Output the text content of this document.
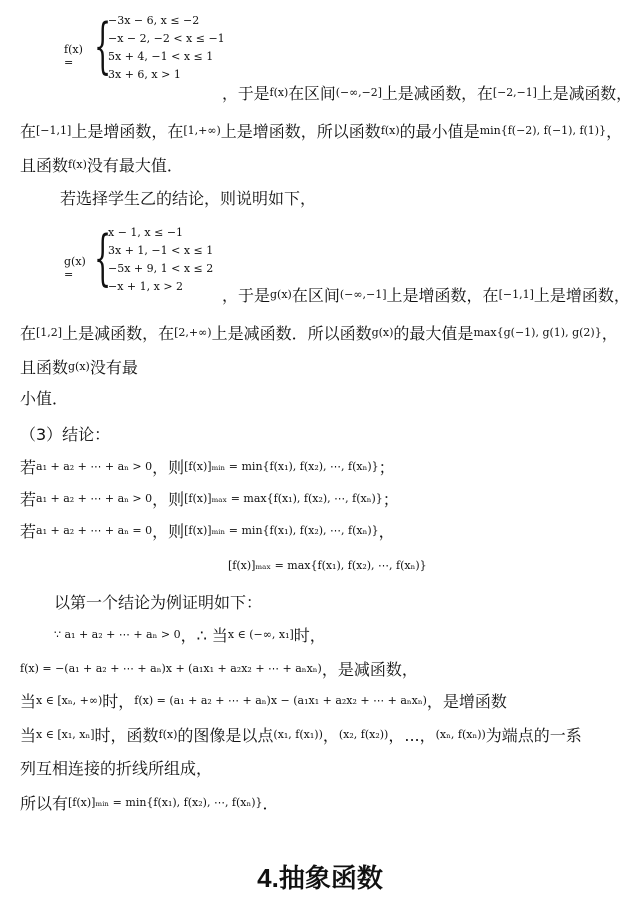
f(x) = {
−3x − 6, x ≤ −2
−x − 2, −2 < x ≤ −1
5x + 4, −1 < x ≤ 1
3x + 6, x > 1
，于是f(x)在区间(−∞,−2]上是减函数，在[−2,−1]上是减函数，
在[−1,1]上是增函数，在[1,+∞)上是增函数，所以函数f(x)的最小值是min{f(−2), f(−1), f(1)}，
且函数f(x)没有最大值．
若选择学生乙的结论，则说明如下，
g(x) = {
x − 1, x ≤ −1
3x + 1, −1 < x ≤ 1
−5x + 9, 1 < x ≤ 2
−x + 1, x > 2	，于是g(x)在区间(−∞,−1]上是增函数，在[−1,1]上是增函数，
在[1,2]上是减函数，在[2,+∞)上是减函数．所以函数g(x)的最大值是max{g(−1), g(1), g(2)}，
且函数g(x)没有最
小值．
（3）结论：
若a₁ + a₂ + ⋯ + aₙ > 0，则[f(x)]ₘᵢₙ = min{f(x₁), f(x₂), ⋯, f(xₙ)}；
若a₁ + a₂ + ⋯ + aₙ > 0，则[f(x)]ₘₐₓ = max{f(x₁), f(x₂), ⋯, f(xₙ)}；
若a₁ + a₂ + ⋯ + aₙ = 0，则[f(x)]ₘᵢₙ = min{f(x₁), f(x₂), ⋯, f(xₙ)}，
[f(x)]ₘₐₓ = max{f(x₁), f(x₂), ⋯, f(xₙ)}
以第一个结论为例证明如下：
∵ a₁ + a₂ + ⋯ + aₙ > 0，∴ 当x ∈ (−∞, x₁]时，
f(x) = −(a₁ + a₂ + ⋯ + aₙ)x + (a₁x₁ + a₂x₂ + ⋯ + aₙxₙ)，是减函数，
当x ∈ [xₙ, +∞)时，f(x) = (a₁ + a₂ + ⋯ + aₙ)x − (a₁x₁ + a₂x₂ + ⋯ + aₙxₙ)，是增函数
当x ∈ [x₁, xₙ]时，函数f(x)的图像是以点(x₁, f(x₁))，(x₂, f(x₂))，...，(xₙ, f(xₙ))为端点的一系
列互相连接的折线所组成，
所以有[f(x)]ₘᵢₙ = min{f(x₁), f(x₂), ⋯, f(xₙ)}．
4.抽象函数
